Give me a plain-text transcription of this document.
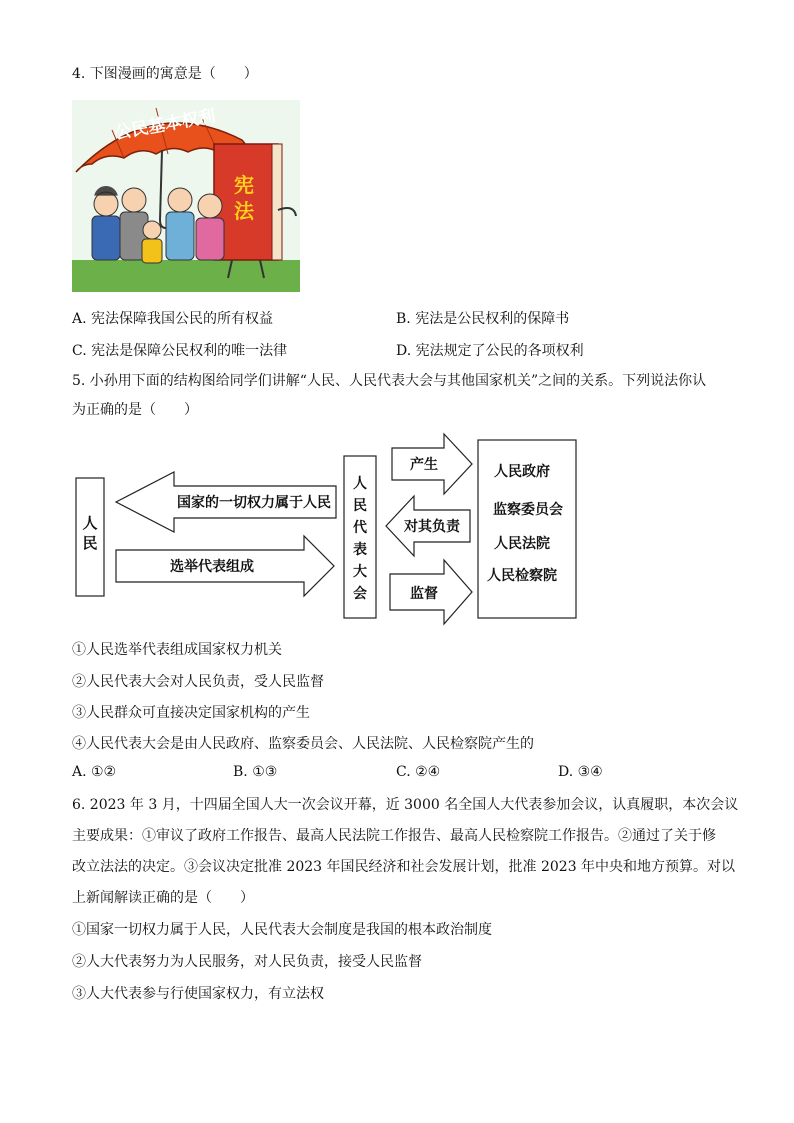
4. 下图漫画的寓意是（　　）
公民基本权利
宪
法
A. 宪法保障我国公民的所有权益	B. 宪法是公民权利的保障书
C. 宪法是保障公民权利的唯一法律	D. 宪法规定了公民的各项权利
5. 小孙用下面的结构图给同学们讲解“人民、人民代表大会与其他国家机关”之间的关系。下列说法你认
为正确的是（　　）
人
民
国家的一切权力属于人民
选举代表组成
人
民
代
表
大
会
产生
对其负责
监督
人民政府
监察委员会
人民法院
人民检察院
①人民选举代表组成国家权力机关
②人民代表大会对人民负责，受人民监督
③人民群众可直接决定国家机构的产生
④人民代表大会是由人民政府、监察委员会、人民法院、人民检察院产生的
A. ①②	B. ①③	C. ②④	D. ③④
6. 2023 年 3 月，十四届全国人大一次会议开幕，近 3000 名全国人大代表参加会议，认真履职，本次会议
主要成果：①审议了政府工作报告、最高人民法院工作报告、最高人民检察院工作报告。②通过了关于修
改立法法的决定。③会议决定批准 2023 年国民经济和社会发展计划，批准 2023 年中央和地方预算。对以
上新闻解读正确的是（　　）
①国家一切权力属于人民，人民代表大会制度是我国的根本政治制度
②人大代表努力为人民服务，对人民负责，接受人民监督
③人大代表参与行使国家权力，有立法权
